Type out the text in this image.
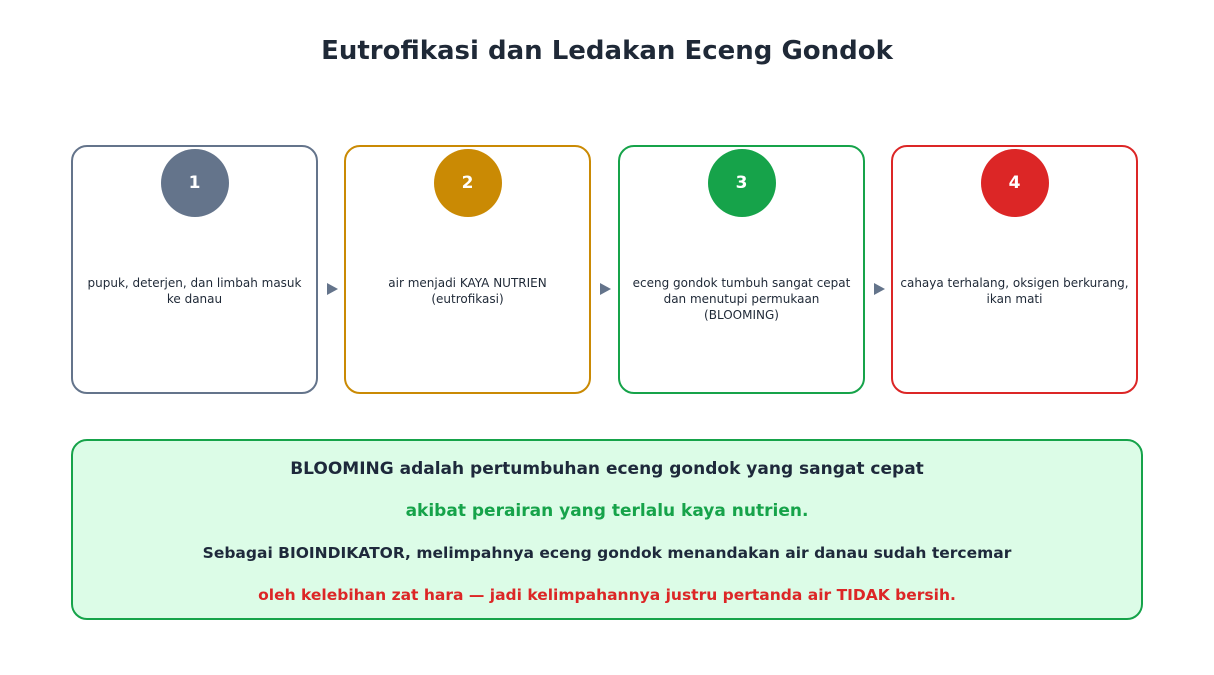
Eutrofikasi dan Ledakan Eceng Gondok
1
pupuk, deterjen, dan limbah masuk ke danau
2
air menjadi KAYA NUTRIEN (eutrofikasi)
3
eceng gondok tumbuh sangat cepat dan menutupi permukaan (BLOOMING)
4
cahaya terhalang, oksigen berkurang, ikan mati

BLOOMING adalah pertumbuhan eceng gondok yang sangat cepat

akibat perairan yang terlalu kaya nutrien.

Sebagai BIOINDIKATOR, melimpahnya eceng gondok menandakan air danau sudah tercemar

oleh kelebihan zat hara — jadi kelimpahannya justru pertanda air TIDAK bersih.
